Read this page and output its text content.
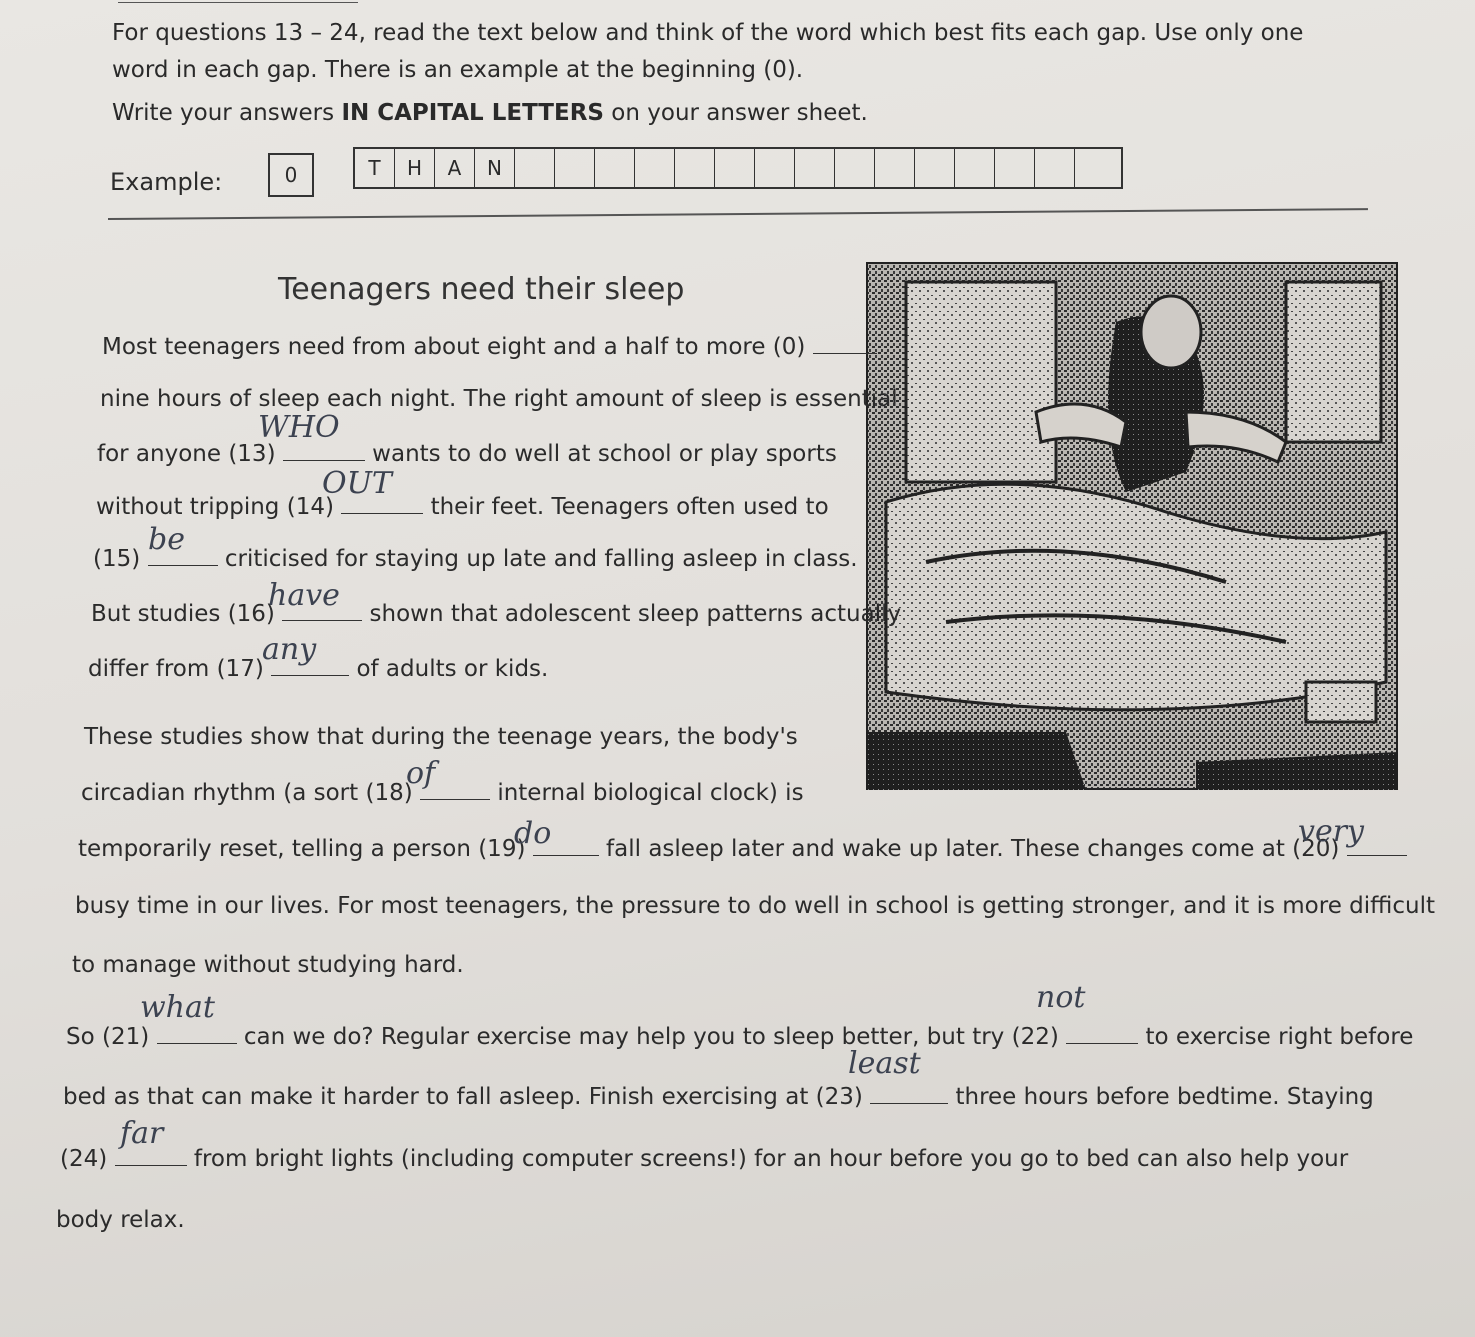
For questions 13 – 24, read the text below and think of the word which best fits each gap. Use only one
word in each gap. There is an example at the beginning (0).
Write your answers IN CAPITAL LETTERS on your answer sheet.
Example:	0	T	H	A	N
Teenagers need their sleep
Most teenagers need from about eight and a half to more (0)
nine hours of sleep each night. The right amount of sleep is essential
for anyone (13)	wants to do well at school or play sports
WHO
without tripping (14)	their feet. Teenagers often used to
OUT
(15)	criticised for staying up late and falling asleep in class.
be
But studies (16)	shown that adolescent sleep patterns actually
have
differ from (17)	of adults or kids.
any
These studies show that during the teenage years, the body's
circadian rhythm (a sort (18)	internal biological clock) is
of
temporarily reset, telling a person (19)	fall asleep later and wake up later. These changes come at (20)
do	very
busy time in our lives. For most teenagers, the pressure to do well in school is getting stronger, and it is more difficult
to manage without studying hard.
So (21)	can we do? Regular exercise may help you to sleep better, but try (22)	to exercise right before
what	not
bed as that can make it harder to fall asleep. Finish exercising at (23)	three hours before bedtime. Staying
least
(24)	from bright lights (including computer screens!) for an hour before you go to bed can also help your
far
body relax.
